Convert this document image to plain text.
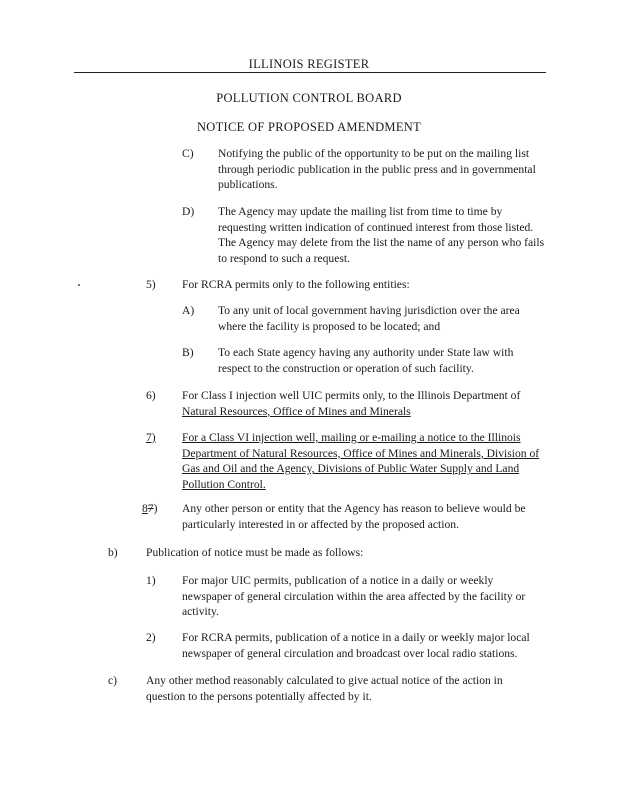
ILLINOIS REGISTER
POLLUTION CONTROL BOARD
NOTICE OF PROPOSED AMENDMENT
C) Notifying the public of the opportunity to be put on the mailing list through periodic publication in the public press and in governmental publications.
D) The Agency may update the mailing list from time to time by requesting written indication of continued interest from those listed. The Agency may delete from the list the name of any person who fails to respond to such a request.
5) For RCRA permits only to the following entities:
A) To any unit of local government having jurisdiction over the area where the facility is proposed to be located; and
B) To each State agency having any authority under State law with respect to the construction or operation of such facility.
6) For Class I injection well UIC permits only, to the Illinois Department of Natural Resources, Office of Mines and Minerals
7) For a Class VI injection well, mailing or e-mailing a notice to the Illinois Department of Natural Resources, Office of Mines and Minerals, Division of Gas and Oil and the Agency, Divisions of Public Water Supply and Land Pollution Control.
87) Any other person or entity that the Agency has reason to believe would be particularly interested in or affected by the proposed action.
b) Publication of notice must be made as follows:
1) For major UIC permits, publication of a notice in a daily or weekly newspaper of general circulation within the area affected by the facility or activity.
2) For RCRA permits, publication of a notice in a daily or weekly major local newspaper of general circulation and broadcast over local radio stations.
c) Any other method reasonably calculated to give actual notice of the action in question to the persons potentially affected by it.
